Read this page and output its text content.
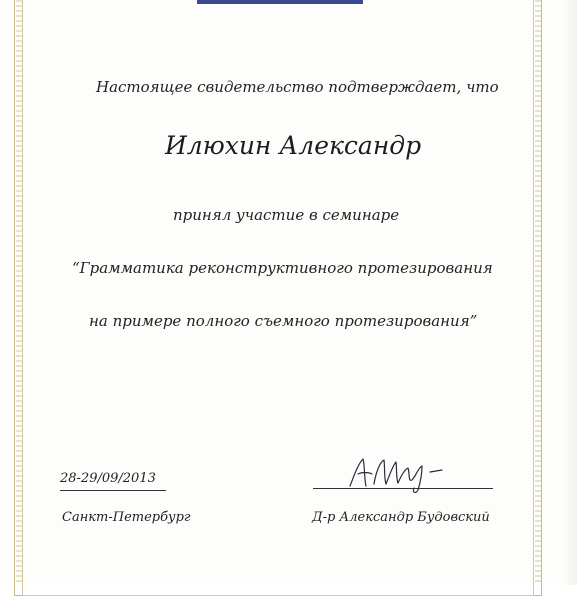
Настоящее свидетельство подтверждает, что
Илюхин Александр
принял участие в семинаре
“Грамматика реконструктивного протезирования
на примере полного съемного протезирования”
28-29/09/2013
Санкт-Петербург	Д-р Александр Будовский
